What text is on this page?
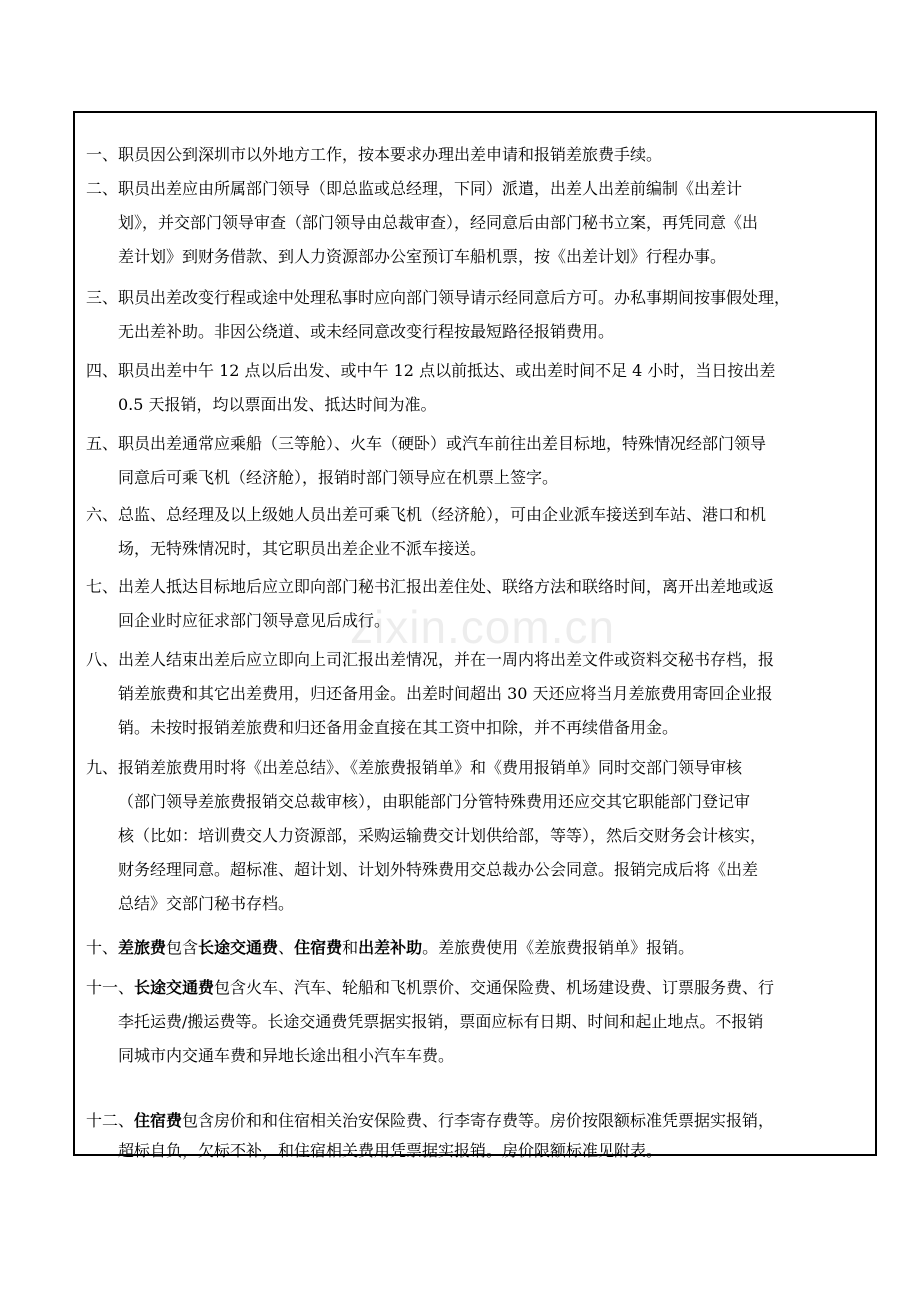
一、职员因公到深圳市以外地方工作，按本要求办理出差申请和报销差旅费手续。
二、职员出差应由所属部门领导（即总监或总经理，下同）派遣，出差人出差前编制《出差计
划》，并交部门领导审查（部门领导由总裁审查），经同意后由部门秘书立案，再凭同意《出
差计划》到财务借款、到人力资源部办公室预订车船机票，按《出差计划》行程办事。
三、职员出差改变行程或途中处理私事时应向部门领导请示经同意后方可。办私事期间按事假处理，
无出差补助。非因公绕道、或未经同意改变行程按最短路径报销费用。
四、职员出差中午 12 点以后出发、或中午 12 点以前抵达、或出差时间不足 4 小时，当日按出差
0.5 天报销，均以票面出发、抵达时间为准。
五、职员出差通常应乘船（三等舱）、火车（硬卧）或汽车前往出差目标地，特殊情况经部门领导
同意后可乘飞机（经济舱），报销时部门领导应在机票上签字。
六、总监、总经理及以上级她人员出差可乘飞机（经济舱），可由企业派车接送到车站、港口和机
场，无特殊情况时，其它职员出差企业不派车接送。
七、出差人抵达目标地后应立即向部门秘书汇报出差住处、联络方法和联络时间，离开出差地或返
回企业时应征求部门领导意见后成行。
八、出差人结束出差后应立即向上司汇报出差情况，并在一周内将出差文件或资料交秘书存档，报
销差旅费和其它出差费用，归还备用金。出差时间超出 30 天还应将当月差旅费用寄回企业报
销。未按时报销差旅费和归还备用金直接在其工资中扣除，并不再续借备用金。
九、报销差旅费用时将《出差总结》、《差旅费报销单》和《费用报销单》同时交部门领导审核
（部门领导差旅费报销交总裁审核），由职能部门分管特殊费用还应交其它职能部门登记审
核（比如：培训费交人力资源部，采购运输费交计划供给部，等等），然后交财务会计核实，
财务经理同意。超标准、超计划、计划外特殊费用交总裁办公会同意。报销完成后将《出差
总结》交部门秘书存档。
十、差旅费包含长途交通费、住宿费和出差补助。差旅费使用《差旅费报销单》报销。
十一、长途交通费包含火车、汽车、轮船和飞机票价、交通保险费、机场建设费、订票服务费、行
李托运费/搬运费等。长途交通费凭票据实报销，票面应标有日期、时间和起止地点。不报销
同城市内交通车费和异地长途出租小汽车车费。
十二、住宿费包含房价和和住宿相关治安保险费、行李寄存费等。房价按限额标准凭票据实报销，
超标自负，欠标不补，和住宿相关费用凭票据实报销。房价限额标准见附表。
zixin.com.cn
